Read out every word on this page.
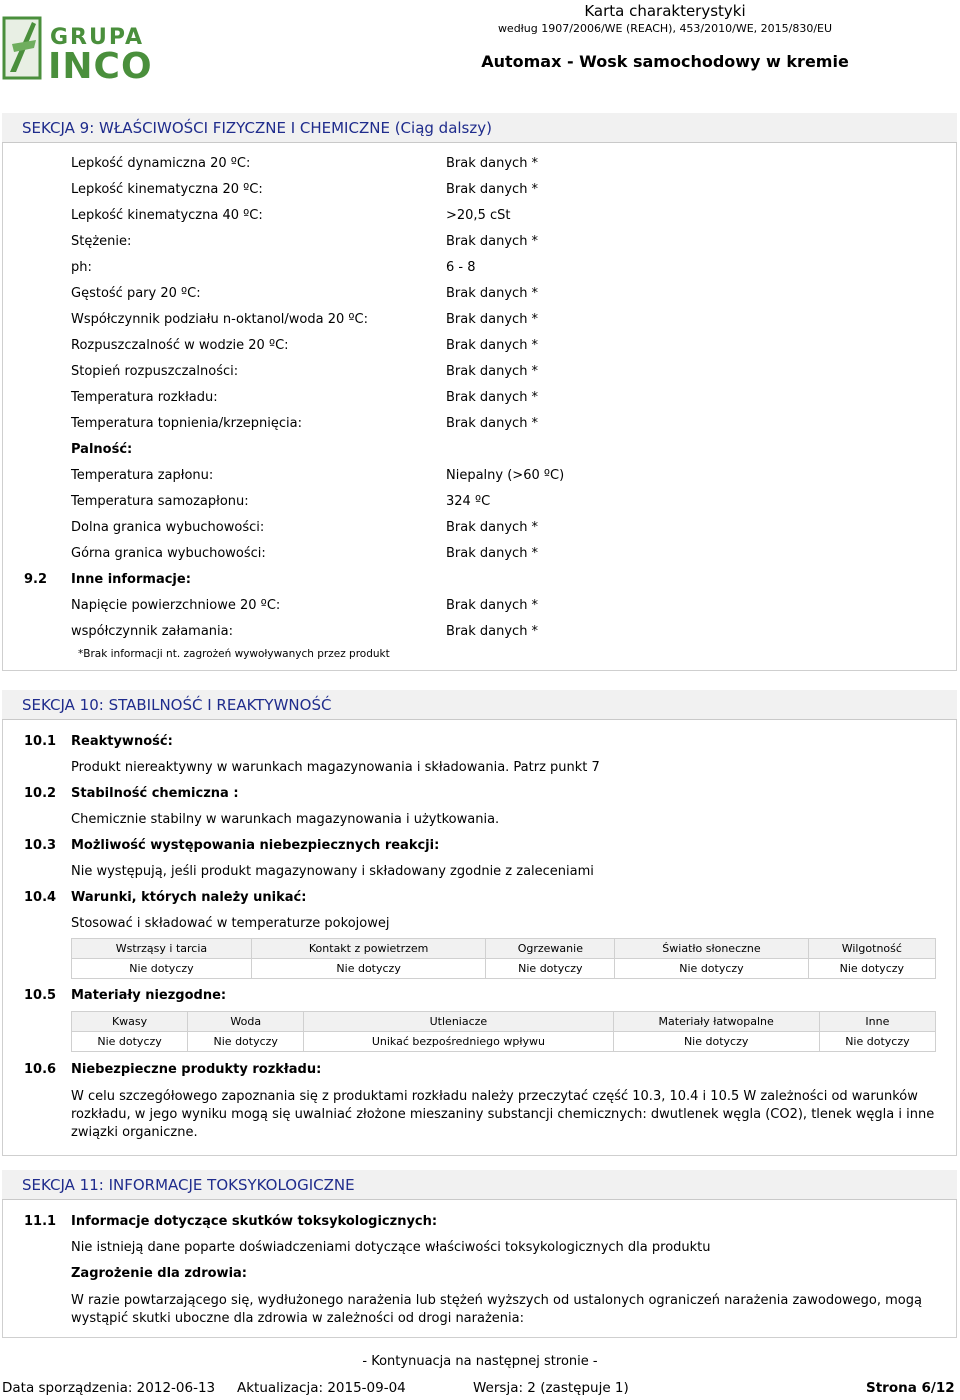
GRUPA
INCO
Karta charakterystyki
według 1907/2006/WE (REACH), 453/2010/WE, 2015/830/EU
Automax - Wosk samochodowy w kremie
SEKCJA 9: WŁAŚCIWOŚCI FIZYCZNE I CHEMICZNE (Ciąg dalszy)
Lepkość dynamiczna 20 ºC:	Brak danych *
Lepkość kinematyczna 20 ºC:	Brak danych *
Lepkość kinematyczna 40 ºC:	>20,5 cSt
Stężenie:	Brak danych *
ph:	6 - 8
Gęstość pary 20 ºC:	Brak danych *
Współczynnik podziału n-oktanol/woda 20 ºC:	Brak danych *
Rozpuszczalność w wodzie 20 ºC:	Brak danych *
Stopień rozpuszczalności:	Brak danych *
Temperatura rozkładu:	Brak danych *
Temperatura topnienia/krzepnięcia:	Brak danych *
Palność:
Temperatura zapłonu:	Niepalny (>60 ºC)
Temperatura samozapłonu:	324 ºC
Dolna granica wybuchowości:	Brak danych *
Górna granica wybuchowości:	Brak danych *
9.2 Inne informacje:
Napięcie powierzchniowe 20 ºC:	Brak danych *
współczynnik załamania:	Brak danych *
*Brak informacji nt. zagrożeń wywoływanych przez produkt
SEKCJA 10: STABILNOŚĆ I REAKTYWNOŚĆ
10.1 Reaktywność:
Produkt niereaktywny w warunkach magazynowania i składowania. Patrz punkt 7
10.2 Stabilność chemiczna :
Chemicznie stabilny w warunkach magazynowania i użytkowania.
10.3 Możliwość występowania niebezpiecznych reakcji:
Nie występują, jeśli produkt magazynowany i składowany zgodnie z zaleceniami
10.4 Warunki, których należy unikać:
Stosować i składować w temperaturze pokojowej
Wstrząsy i tarcia	Kontakt z powietrzem	Ogrzewanie	Światło słoneczne	Wilgotność
Nie dotyczy	Nie dotyczy	Nie dotyczy	Nie dotyczy	Nie dotyczy
10.5 Materiały niezgodne:
Kwasy	Woda	Utleniacze	Materiały łatwopalne	Inne
Nie dotyczy	Nie dotyczy	Unikać bezpośredniego wpływu	Nie dotyczy	Nie dotyczy
10.6 Niebezpieczne produkty rozkładu:
W celu szczegółowego zapoznania się z produktami rozkładu należy przeczytać część 10.3, 10.4 i 10.5 W zależności od warunków rozkładu, w jego wyniku mogą się uwalniać złożone mieszaniny substancji chemicznych: dwutlenek węgla (CO2), tlenek węgla i inne związki organiczne.
SEKCJA 11: INFORMACJE TOKSYKOLOGICZNE
11.1 Informacje dotyczące skutków toksykologicznych:
Nie istnieją dane poparte doświadczeniami dotyczące właściwości toksykologicznych dla produktu
Zagrożenie dla zdrowia:
W razie powtarzającego się, wydłużonego narażenia lub stężeń wyższych od ustalonych ograniczeń narażenia zawodowego, mogą wystąpić skutki uboczne dla zdrowia w zależności od drogi narażenia:
- Kontynuacja na następnej stronie -
Data sporządzenia: 2012-06-13 Aktualizacja: 2015-09-04	Wersja: 2 (zastępuje 1)	Strona 6/12
